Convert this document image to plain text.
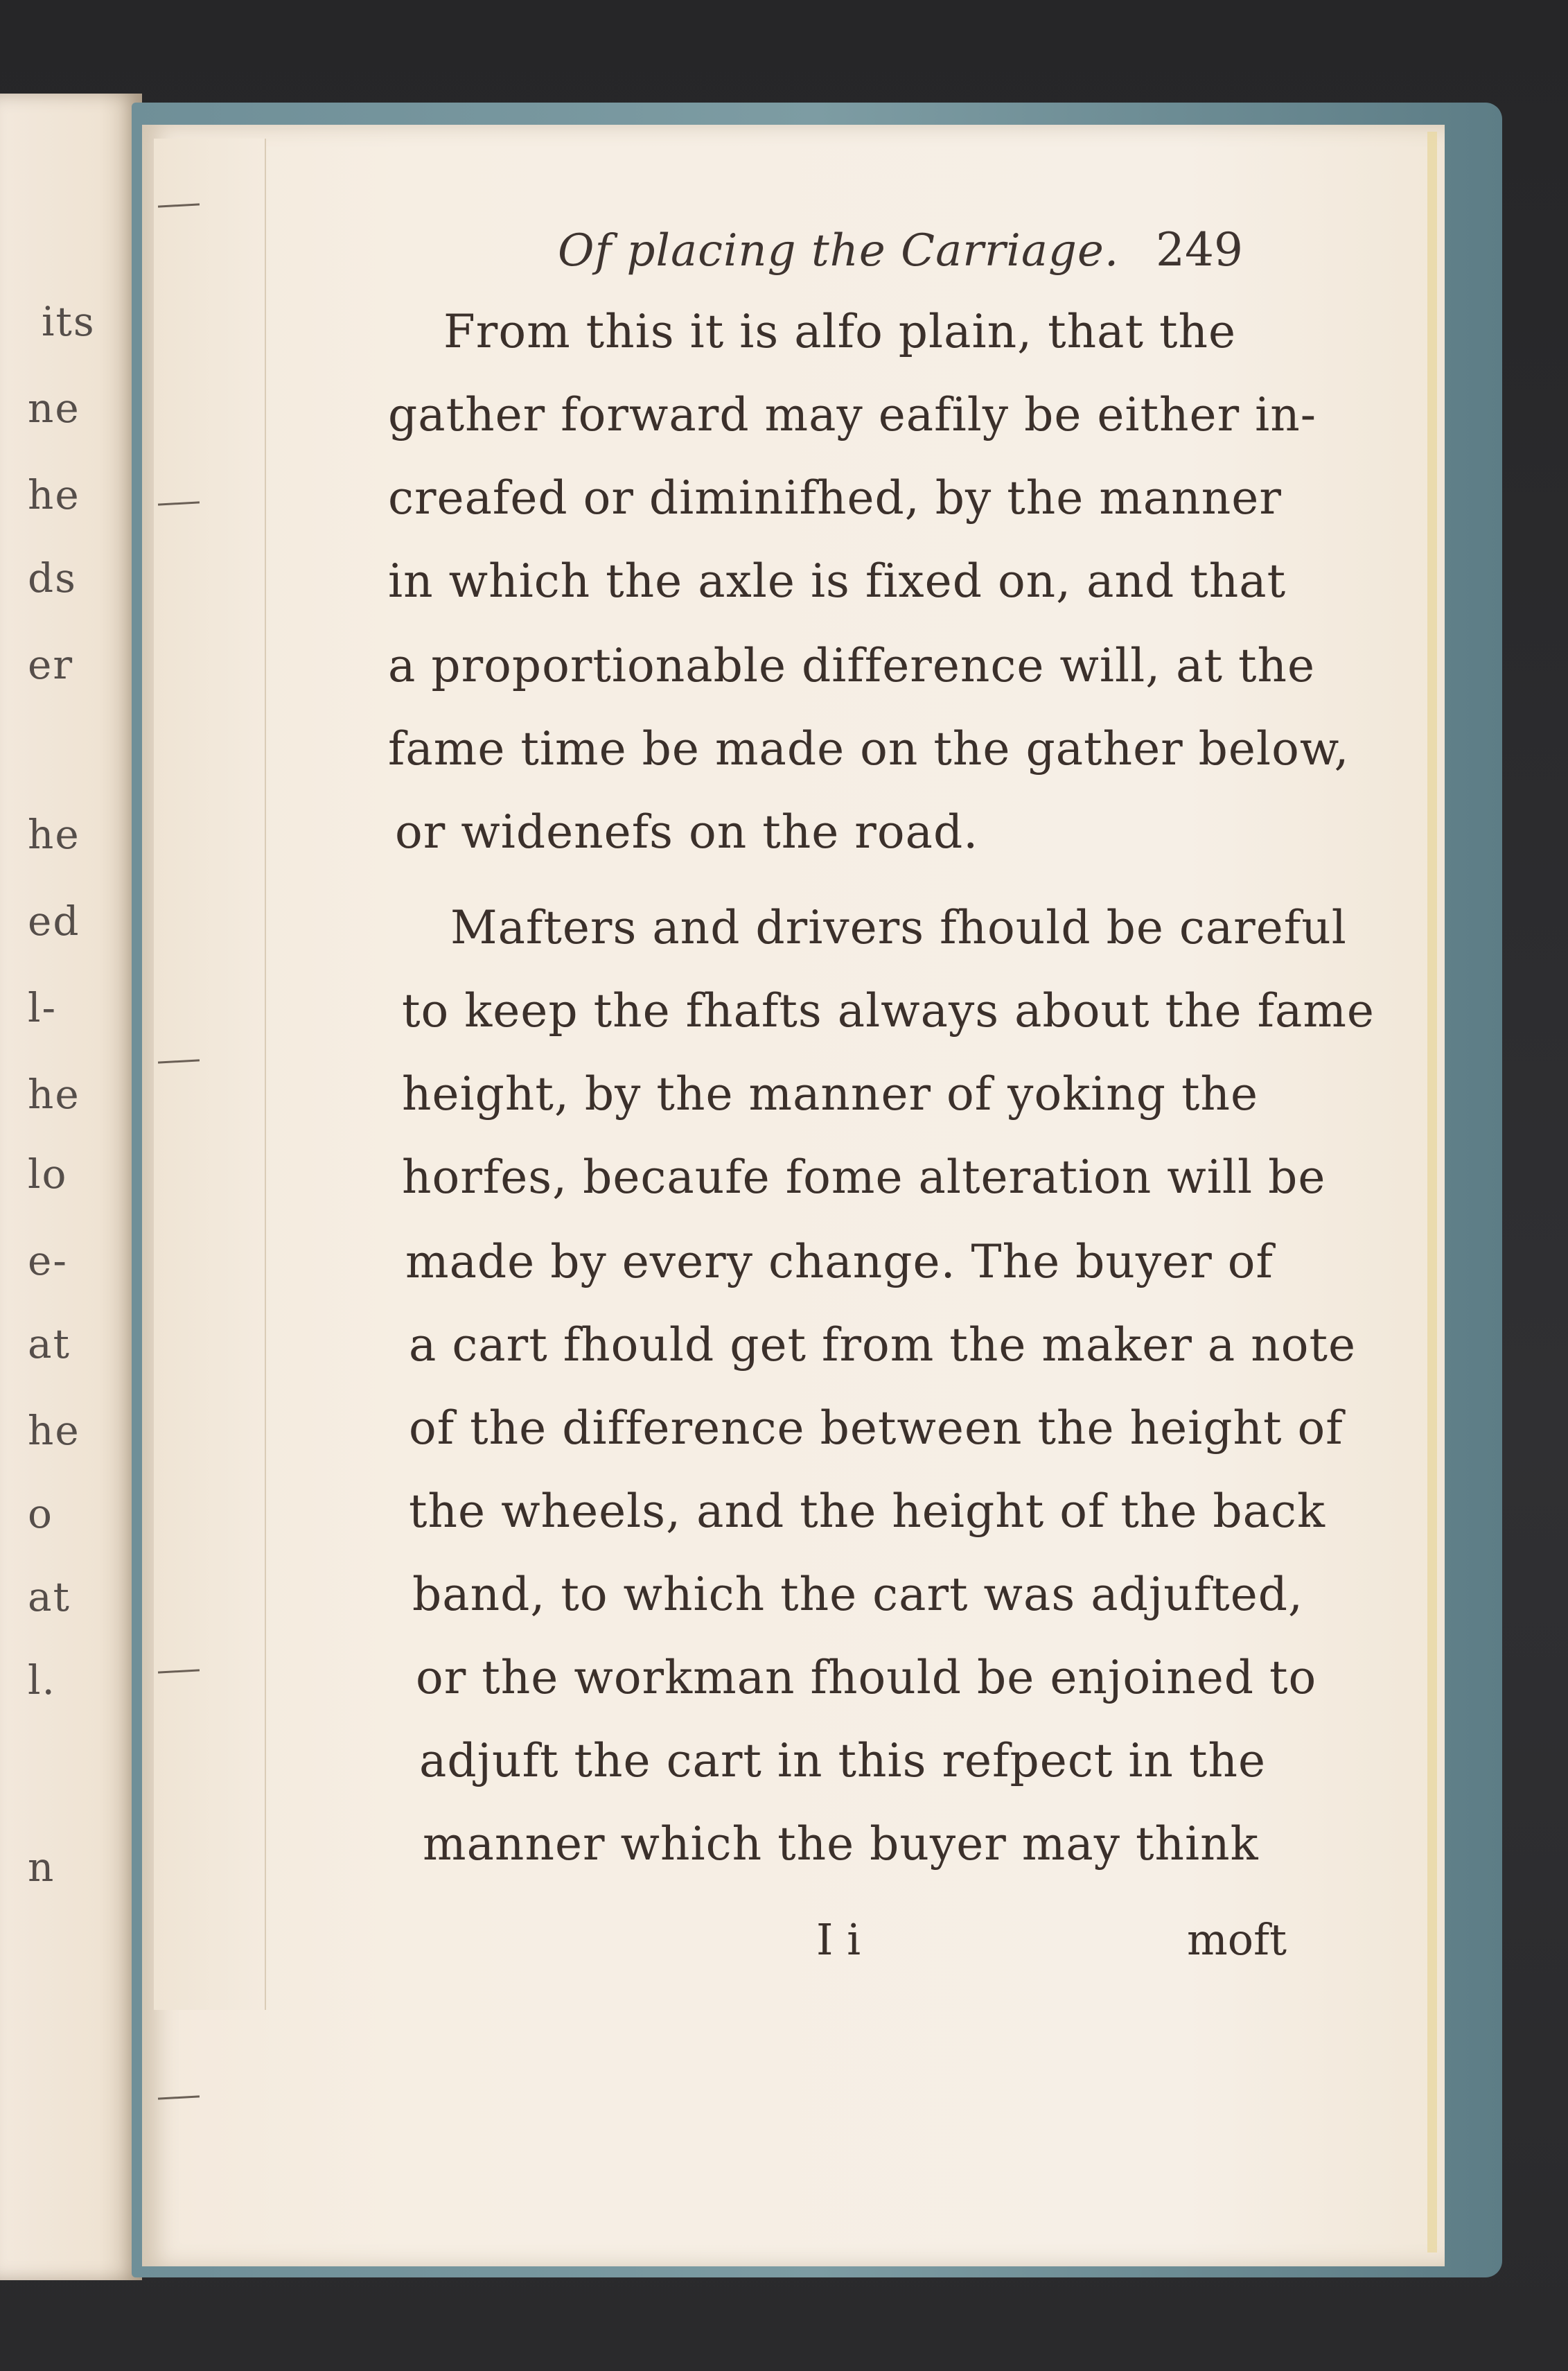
its
ne
he
ds
er
he
ed
l-
he
lo
e-
at
he
o
at
l.
n
Of placing the Carriage. 249
From this it is alfo plain, that the
gather forward may eafily be either in-
creafed or diminifhed, by the manner
in which the axle is fixed on, and that
a proportionable difference will, at the
fame time be made on the gather below,
or widenefs on the road.
Mafters and drivers fhould be careful
to keep the fhafts always about the fame
height, by the manner of yoking the
horfes, becaufe fome alteration will be
made by every change. The buyer of
a cart fhould get from the maker a note
of the difference between the height of
the wheels, and the height of the back
band, to which the cart was adjufted,
or the workman fhould be enjoined to
adjuft the cart in this refpect in the
manner which the buyer may think
I i	moft
